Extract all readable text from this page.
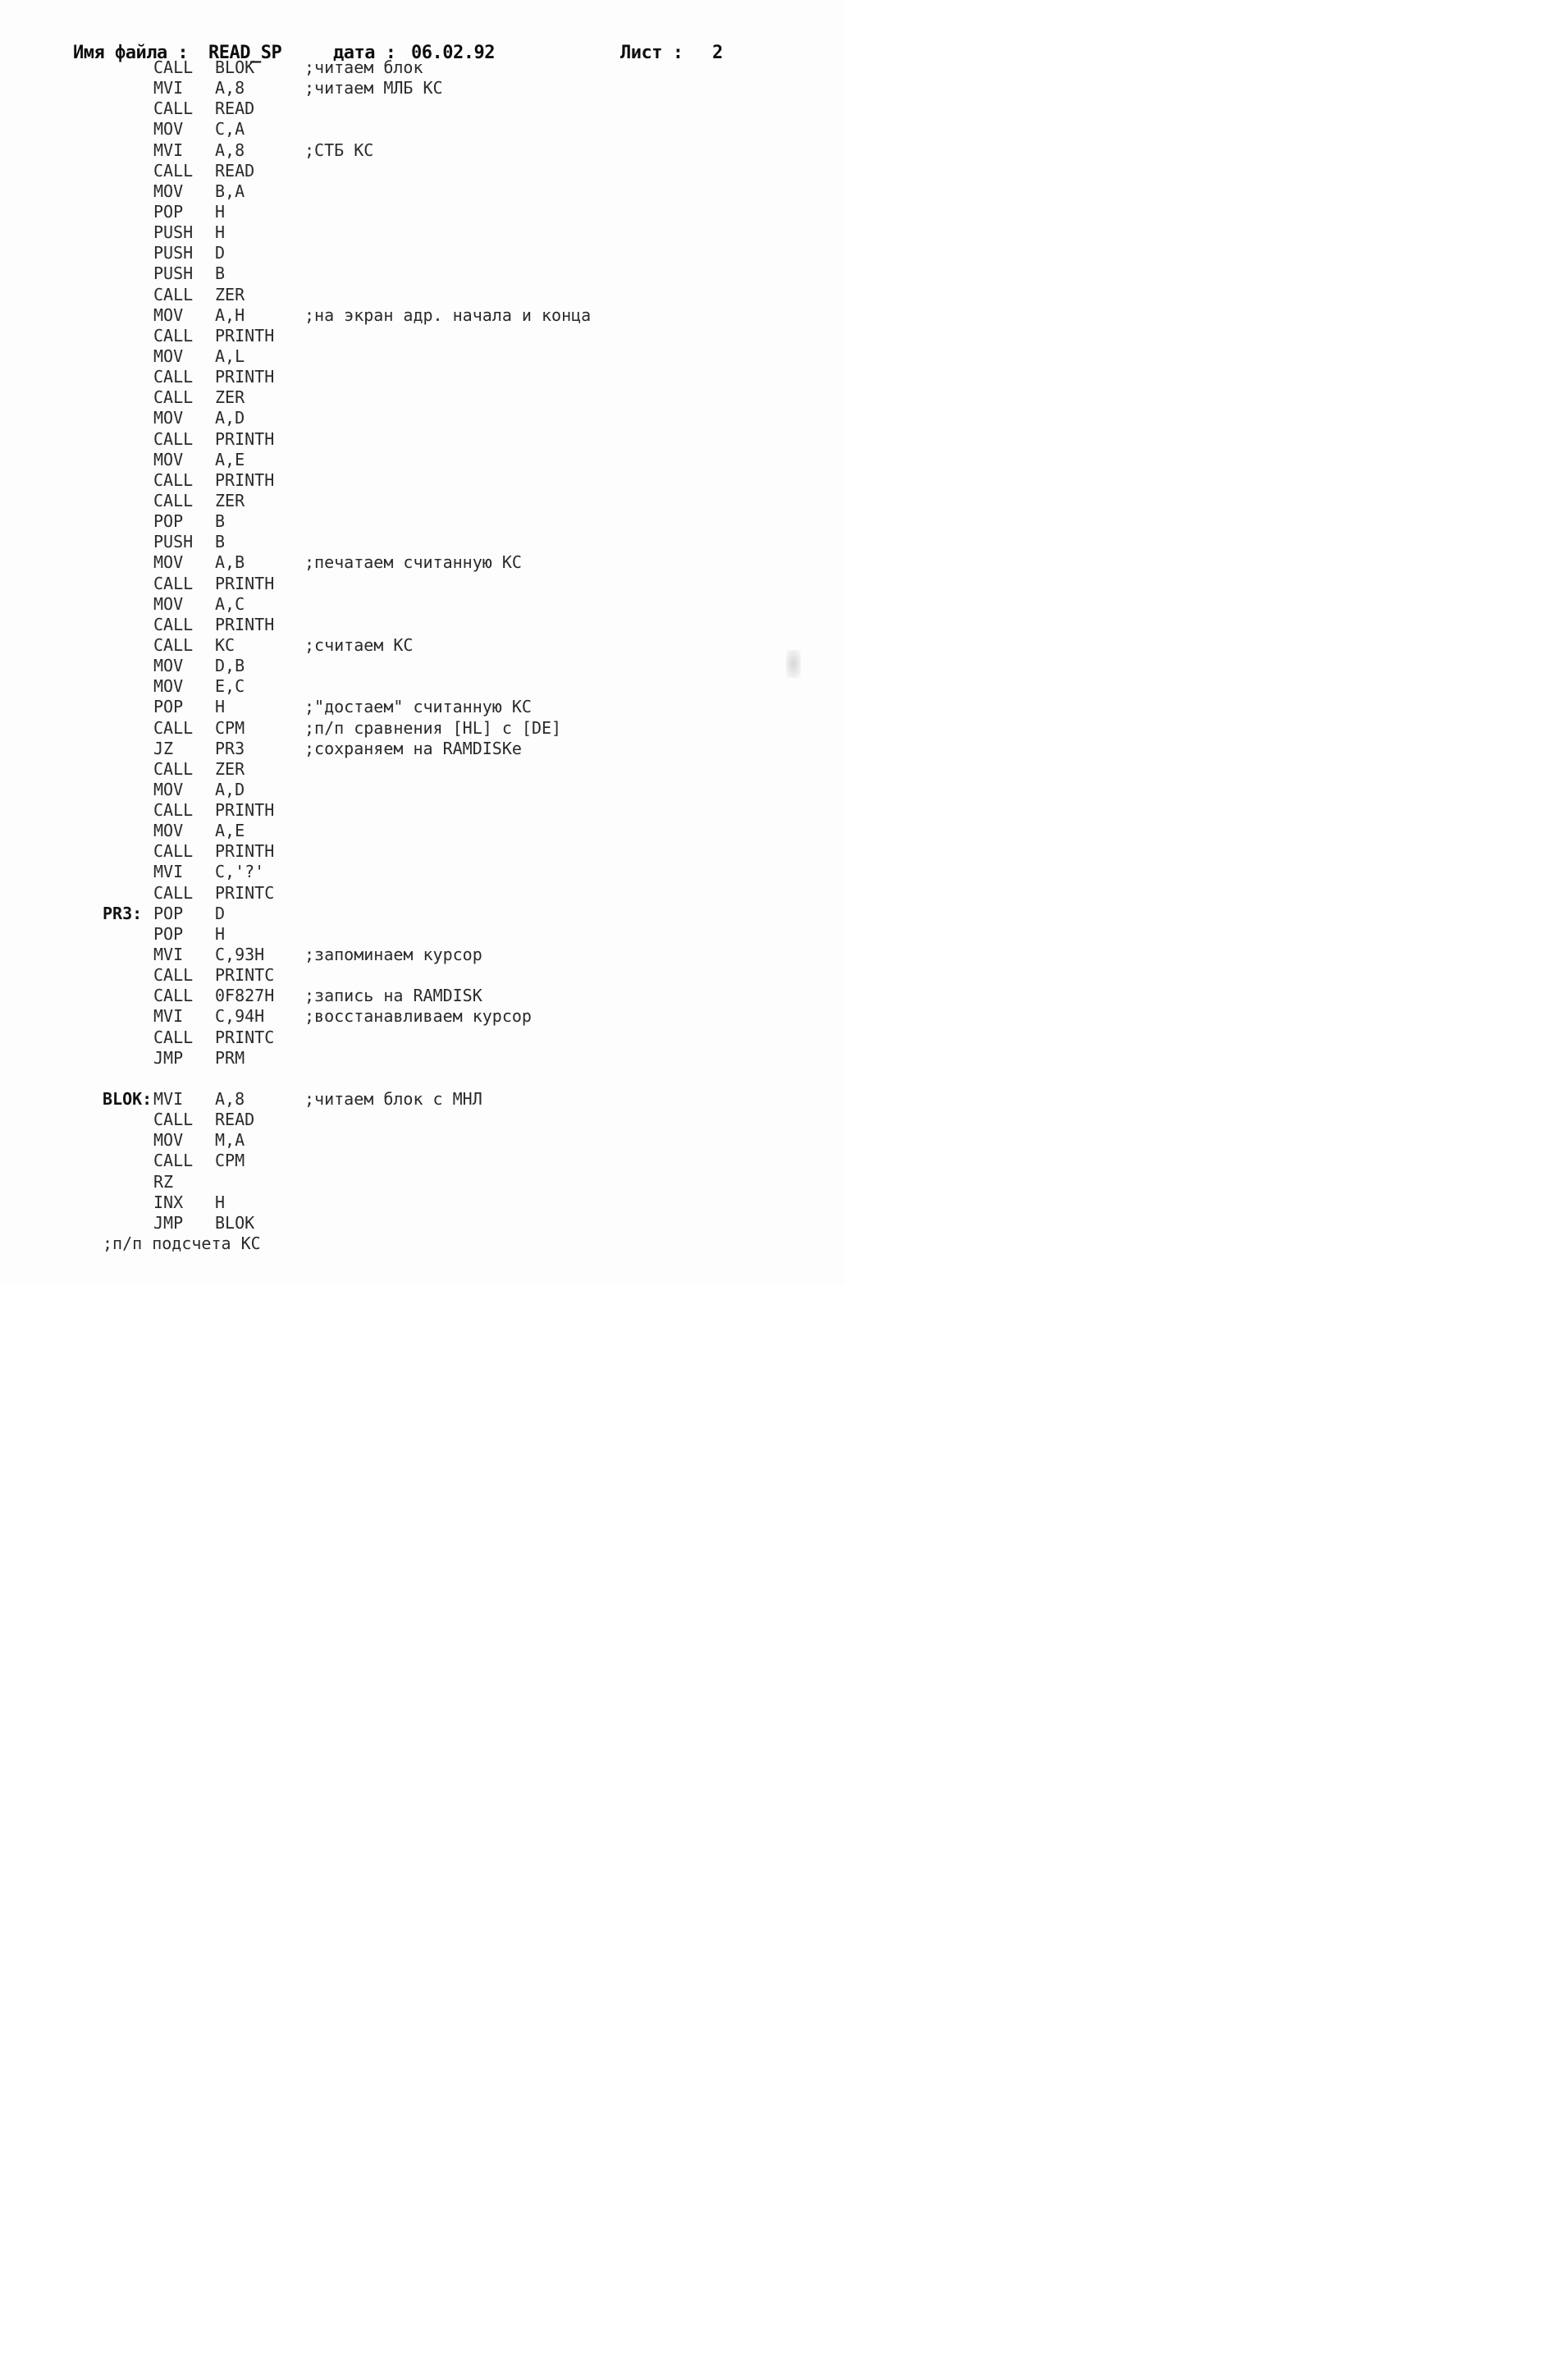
Имя файла : READ_SP	дата : 06.02.92	Лист : 2

CALL BLOK	;читаем блок
MVI A,8	;читаем МЛБ КС
CALL READ
MOV C,A
MVI A,8	;СТБ КС
CALL READ
MOV B,A
POP H
PUSH H
PUSH D
PUSH B
CALL ZER
MOV A,H	;на экран адр. начала и конца
CALL PRINTH
MOV A,L
CALL PRINTH
CALL ZER
MOV A,D
CALL PRINTH
MOV A,E
CALL PRINTH
CALL ZER
POP B
PUSH B
MOV A,B	;печатаем считанную КС
CALL PRINTH
MOV A,C
CALL PRINTH
CALL KC	;считаем КС
MOV D,B
MOV E,C
POP H	;"достаем" считанную КС
CALL CPM	;п/п сравнения [HL] с [DE]
JZ	PR3	;сохраняем на RAMDISKе
CALL ZER
MOV A,D
CALL PRINTH
MOV A,E
CALL PRINTH
MVI C,'?'
CALL PRINTC
PR3: POP D
POP H
MVI C,93H ;запоминаем курсор
CALL PRINTC
CALL 0F827H ;запись на RAMDISK
MVI C,94H ;восстанавливаем курсор
CALL PRINTC
JMP PRM
BLOK: MVI A,8	;читаем блок с МНЛ
CALL READ
MOV M,A
CALL CPM
RZ
INX H
JMP BLOK
;п/п подсчета КС
